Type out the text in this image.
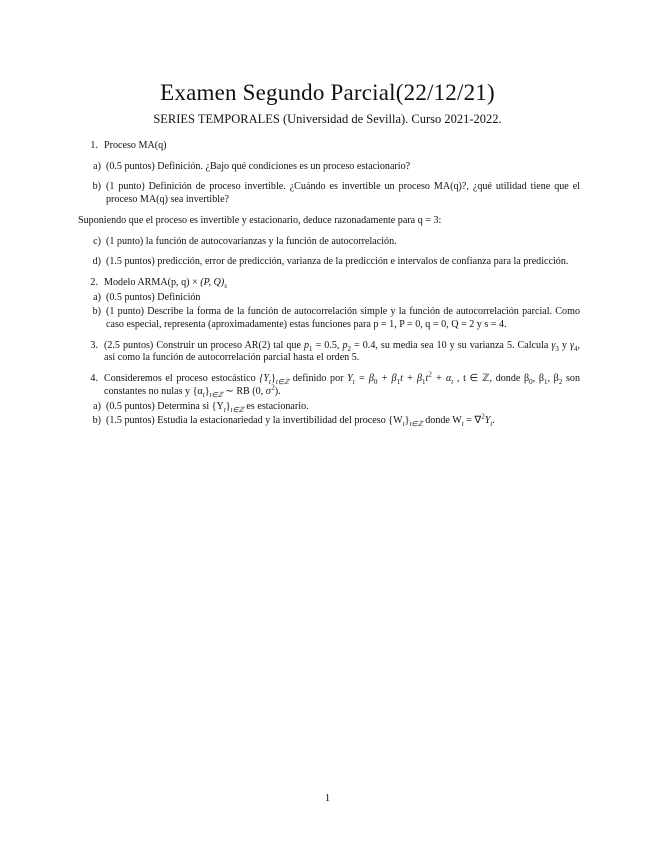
Examen Segundo Parcial(22/12/21)
SERIES TEMPORALES (Universidad de Sevilla). Curso 2021-2022.
1. Proceso MA(q)
a) (0.5 puntos) Definición. ¿Bajo qué condiciones es un proceso estacionario?
b) (1 punto) Definición de proceso invertible. ¿Cuándo es invertible un proceso MA(q)?, ¿qué utilidad tiene que el proceso MA(q) sea invertible?
Suponiendo que el proceso es invertible y estacionario, deduce razonadamente para q = 3:
c) (1 punto) la función de autocovarianzas y la función de autocorrelación.
d) (1.5 puntos) predicción, error de predicción, varianza de la predicción e intervalos de confianza para la predicción.
2. Modelo ARMA(p, q) × (P, $Q)_s$
a) (0.5 puntos) Definición
b) (1 punto) Describe la forma de la función de autocorrelación simple y la función de autocorrelación parcial. Como caso especial, representa (aproximadamente) estas funciones para p = 1, P = 0, q = 0, Q = 2 y s = 4.
3. (2.5 puntos) Construir un proceso AR(2) tal que $p_1 = 0.5$, $p_2 = 0.4$, su media sea 10 y su varianza 5. Calcula $\gamma_3$ y $\gamma_4$, así como la función de autocorrelación parcial hasta el orden 5.
4. Consideremos el proceso estocástico $\{Y_t\}_{t\in ℤ}$ definido por $Y_t = \beta_0 + \beta_1t + \beta_1t^2 + \alpha_t$ , t ∈ ℤ, donde $\beta_0$, $\beta_1$, $\beta_2$ son constantes no nulas y $\{\alpha_t\}_{t\in ℤ}$ ∼ RB (0, $\sigma^2$).
a) (0.5 puntos) Determina si $\{Y_t\}_{t\in ℤ}$ es estacionario.
b) (1.5 puntos) Estudia la estacionariedad y la invertibilidad del proceso $\{W_t\}_{t\in ℤ}$ donde $W_t = \nabla^2Y_t$.
1
